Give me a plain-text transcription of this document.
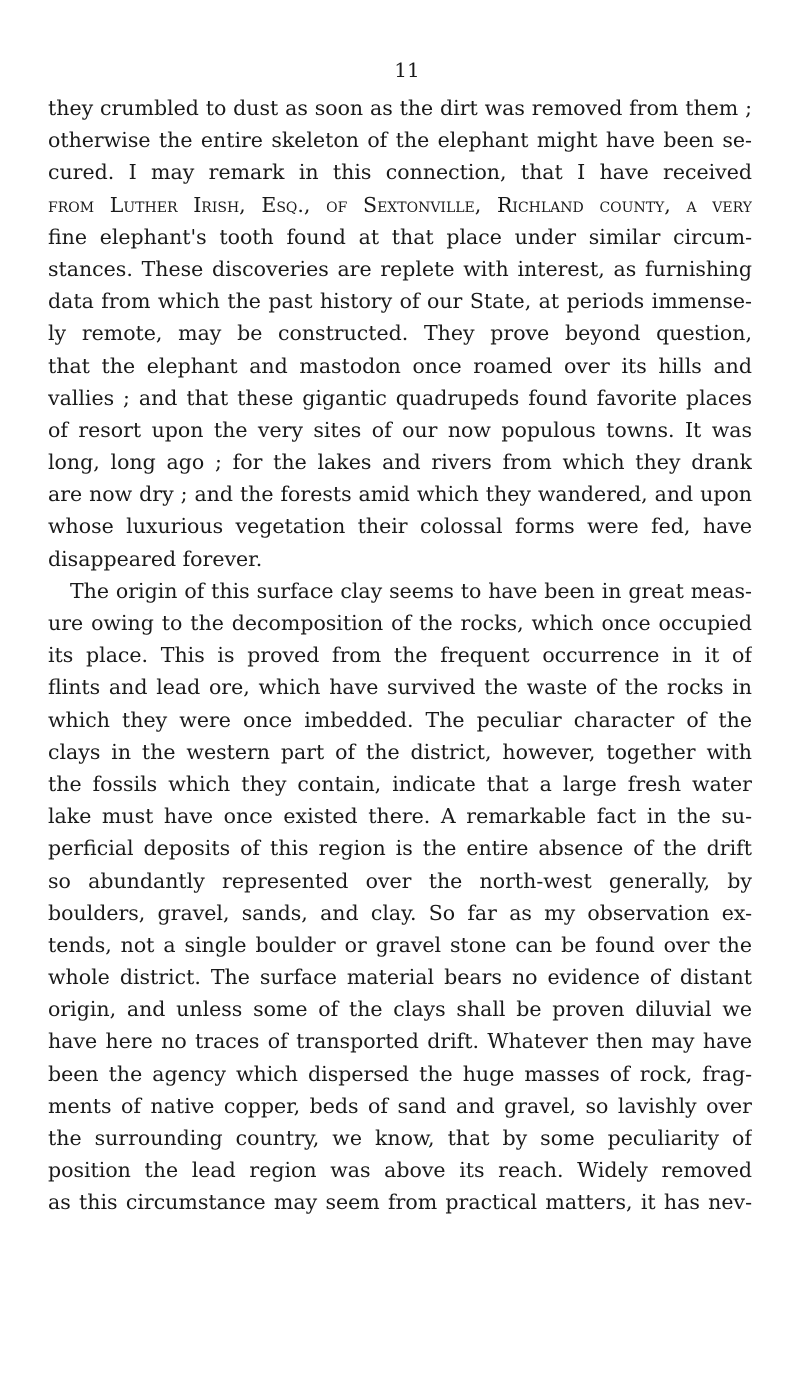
11
they crumbled to dust as soon as the dirt was removed from them ;
otherwise the entire skeleton of the elephant might have been se-
cured. I may remark in this connection, that I have received
from Luther Irish, Esq., of Sextonville, Richland county, a very
fine elephant's tooth found at that place under similar circum-
stances. These discoveries are replete with interest, as furnishing
data from which the past history of our State, at periods immense-
ly remote, may be constructed. They prove beyond question,
that the elephant and mastodon once roamed over its hills and
vallies ; and that these gigantic quadrupeds found favorite places
of resort upon the very sites of our now populous towns. It was
long, long ago ; for the lakes and rivers from which they drank
are now dry ; and the forests amid which they wandered, and upon
whose luxurious vegetation their colossal forms were fed, have
disappeared forever.
The origin of this surface clay seems to have been in great meas-
ure owing to the decomposition of the rocks, which once occupied
its place. This is proved from the frequent occurrence in it of
flints and lead ore, which have survived the waste of the rocks in
which they were once imbedded. The peculiar character of the
clays in the western part of the district, however, together with
the fossils which they contain, indicate that a large fresh water
lake must have once existed there. A remarkable fact in the su-
perficial deposits of this region is the entire absence of the drift
so abundantly represented over the north-west generally, by
boulders, gravel, sands, and clay. So far as my observation ex-
tends, not a single boulder or gravel stone can be found over the
whole district. The surface material bears no evidence of distant
origin, and unless some of the clays shall be proven diluvial we
have here no traces of transported drift. Whatever then may have
been the agency which dispersed the huge masses of rock, frag-
ments of native copper, beds of sand and gravel, so lavishly over
the surrounding country, we know, that by some peculiarity of
position the lead region was above its reach. Widely removed
as this circumstance may seem from practical matters, it has nev-
